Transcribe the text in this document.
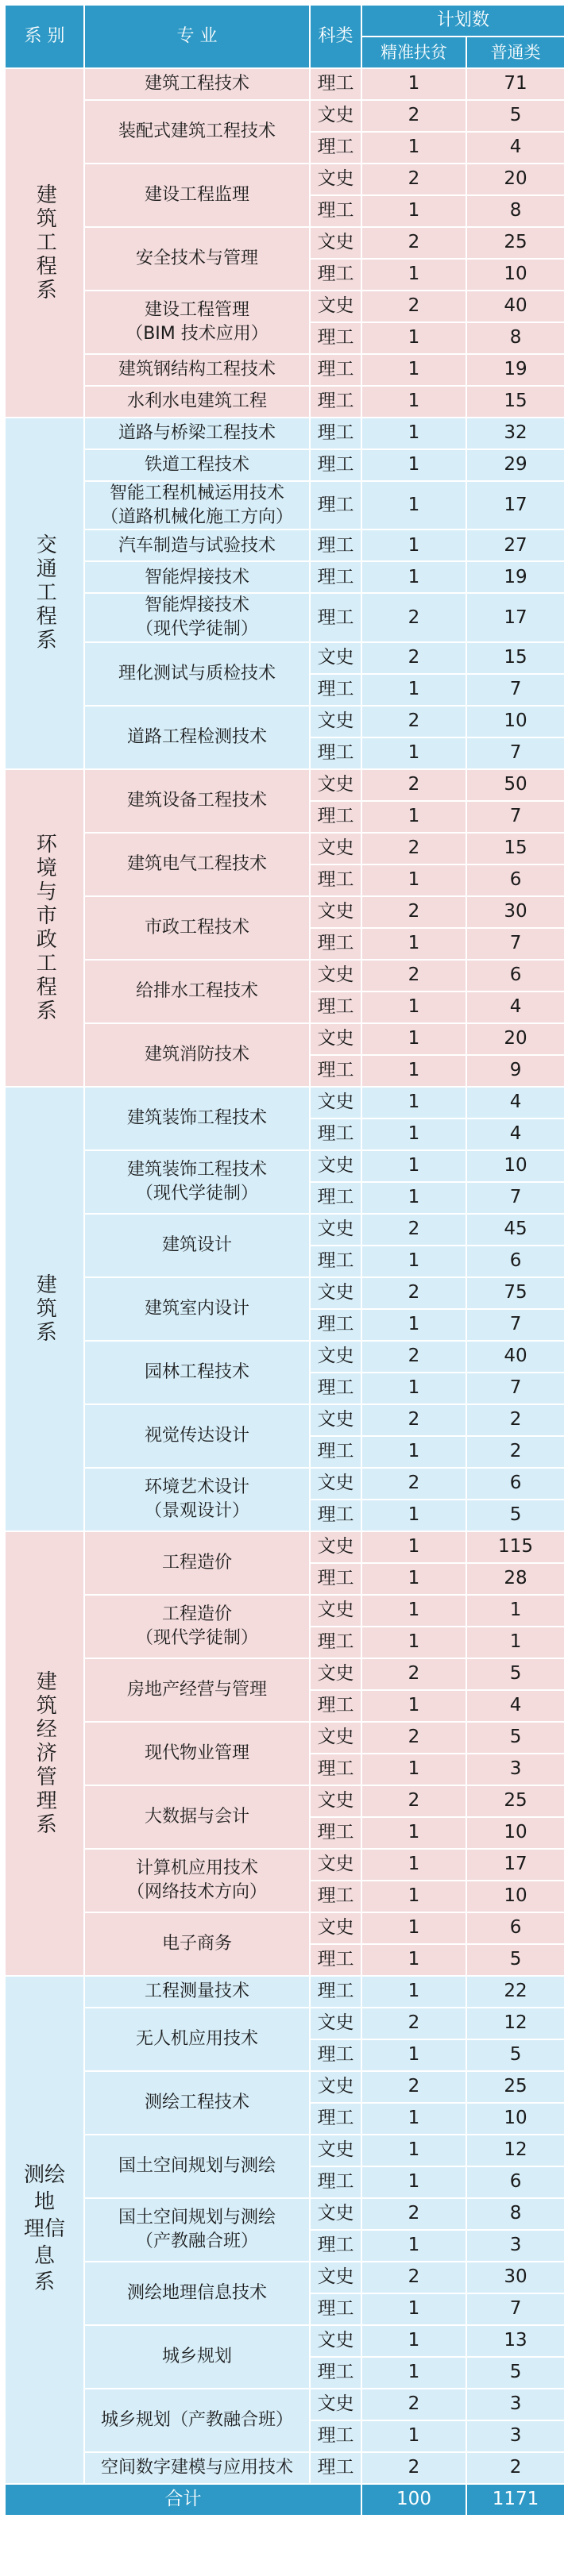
系 别	专 业	科类	计划数	
			精准扶贫	普通类
建筑工程系	建筑工程技术	理工	1	71

	装配式建筑工程技术	文史	2	5
		理工	1	4

	建设工程监理	文史	2	20
		理工	1	8

	安全技术与管理	文史	2	25
		理工	1	10

	建设工程管理
（BIM 技术应用）	文史	2	40
		理工	1	8

	建筑钢结构工程技术	理工	1	19

	水利水电建筑工程	理工	1	15
交通工程系	道路与桥梁工程技术	理工	1	32

	铁道工程技术	理工	1	29

	智能工程机械运用技术
（道路机械化施工方向）	理工	1	17

	汽车制造与试验技术	理工	1	27

	智能焊接技术	理工	1	19

	智能焊接技术
（现代学徒制）	理工	2	17

	理化测试与质检技术	文史	2	15
		理工	1	7

	道路工程检测技术	文史	2	10
		理工	1	7
环境与市政工程系	建筑设备工程技术	文史	2	50
		理工	1	7

	建筑电气工程技术	文史	2	15
		理工	1	6

	市政工程技术	文史	2	30
		理工	1	7

	给排水工程技术	文史	2	6
		理工	1	4

	建筑消防技术	文史	1	20
		理工	1	9
建筑系	建筑装饰工程技术	文史	1	4
		理工	1	4

	建筑装饰工程技术
（现代学徒制）	文史	1	10
		理工	1	7

	建筑设计	文史	2	45
		理工	1	6

	建筑室内设计	文史	2	75
		理工	1	7

	园林工程技术	文史	2	40
		理工	1	7

	视觉传达设计	文史	2	2
		理工	1	2

	环境艺术设计
（景观设计）	文史	2	6
		理工	1	5
建筑经济管理系	工程造价	文史	1	115
		理工	1	28

	工程造价
（现代学徒制）	文史	1	1
		理工	1	1

	房地产经营与管理	文史	2	5
		理工	1	4

	现代物业管理	文史	2	5
		理工	1	3

	大数据与会计	文史	2	25
		理工	1	10

	计算机应用技术
（网络技术方向）	文史	1	17
		理工	1	10

	电子商务	文史	1	6
		理工	1	5

测绘地
理信息
系	工程测量技术	理工	1	22

	无人机应用技术	文史	2	12
		理工	1	5

	测绘工程技术	文史	2	25
		理工	1	10

	国土空间规划与测绘	文史	1	12
		理工	1	6

	国土空间规划与测绘
（产教融合班）	文史	2	8
		理工	1	3

	测绘地理信息技术	文史	2	30
		理工	1	7

	城乡规划	文史	1	13
		理工	1	5

	城乡规划（产教融合班）	文史	2	3
		理工	1	3

	空间数字建模与应用技术	理工	2	2
合计			100	1171
